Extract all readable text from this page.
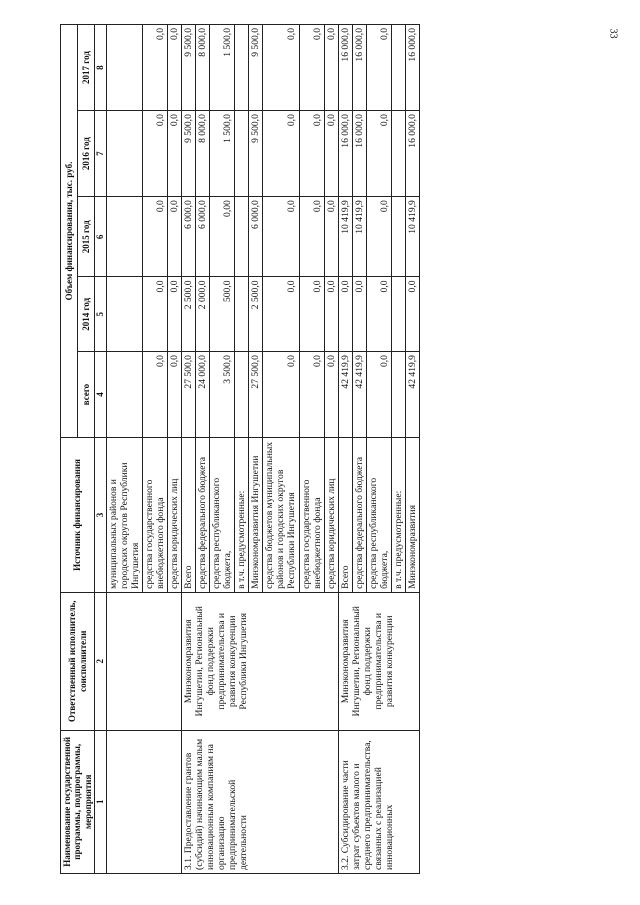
33
Наименование государственной программы, подпрограммы, мероприятия	Ответственный исполнитель, соисполнители	Источник финансирования	Объем финансирования, тыс. руб.				
			всего	2014 год	2015 год	2016 год	2017 год
1	2	3	4	5	6	7	8
		муниципальных районов и городских округов Республики Ингушетия					
		средства государственного внебюджетного фонда	0,0	0,0	0,0	0,0	0,0
		средства юридических лиц	0,0	0,0	0,0	0,0	0,0
3.1. Предоставление грантов (субсидий) начинающим малым инновационным компаниям на организацию предпринимательской деятельности	Минэкономразвития Ингушетии, Региональный фонд поддержки предпринимательства и развития конкуренции Республики Ингушетия	Всего	27 500,0	2 500,0	6 000,0	9 500,0	9 500,0
		средства федерального бюджета	24 000,0	2 000,0	6 000,0	8 000,0	8 000,0
		средства республиканского бюджета,	3 500,0	500,0	0,00	1 500,0	1 500,0
		в т.ч. предусмотренные:					
		Минэкономразвития Ингушетии	27 500,0	2 500,0	6 000,0	9 500,0	9 500,0
		средства бюджетов муниципальных районов и городских округов Республики Ингушетия	0,0	0,0	0,0	0,0	0,0
		средства государственного внебюджетного фонда	0,0	0,0	0,0	0,0	0,0
		средства юридических лиц	0,0	0,0	0,0	0,0	0,0
3.2. Субсидирование части затрат субъектов малого и среднего предпринимательства, связанных с реализацией инновационных	Минэкономразвития Ингушетии, Региональный фонд поддержки предпринимательства и развития конкуренции	Всего	42 419,9	0,0	10 419,9	16 000,0	16 000,0
		средства федерального бюджета	42 419,9	0,0	10 419,9	16 000,0	16 000,0
		средства республиканского бюджета,	0,0	0,0	0,0	0,0	0,0
		в т.ч. предусмотренные:					
		Минэкономразвития	42 419,9	0,0	10 419,9	16 000,0	16 000,0
